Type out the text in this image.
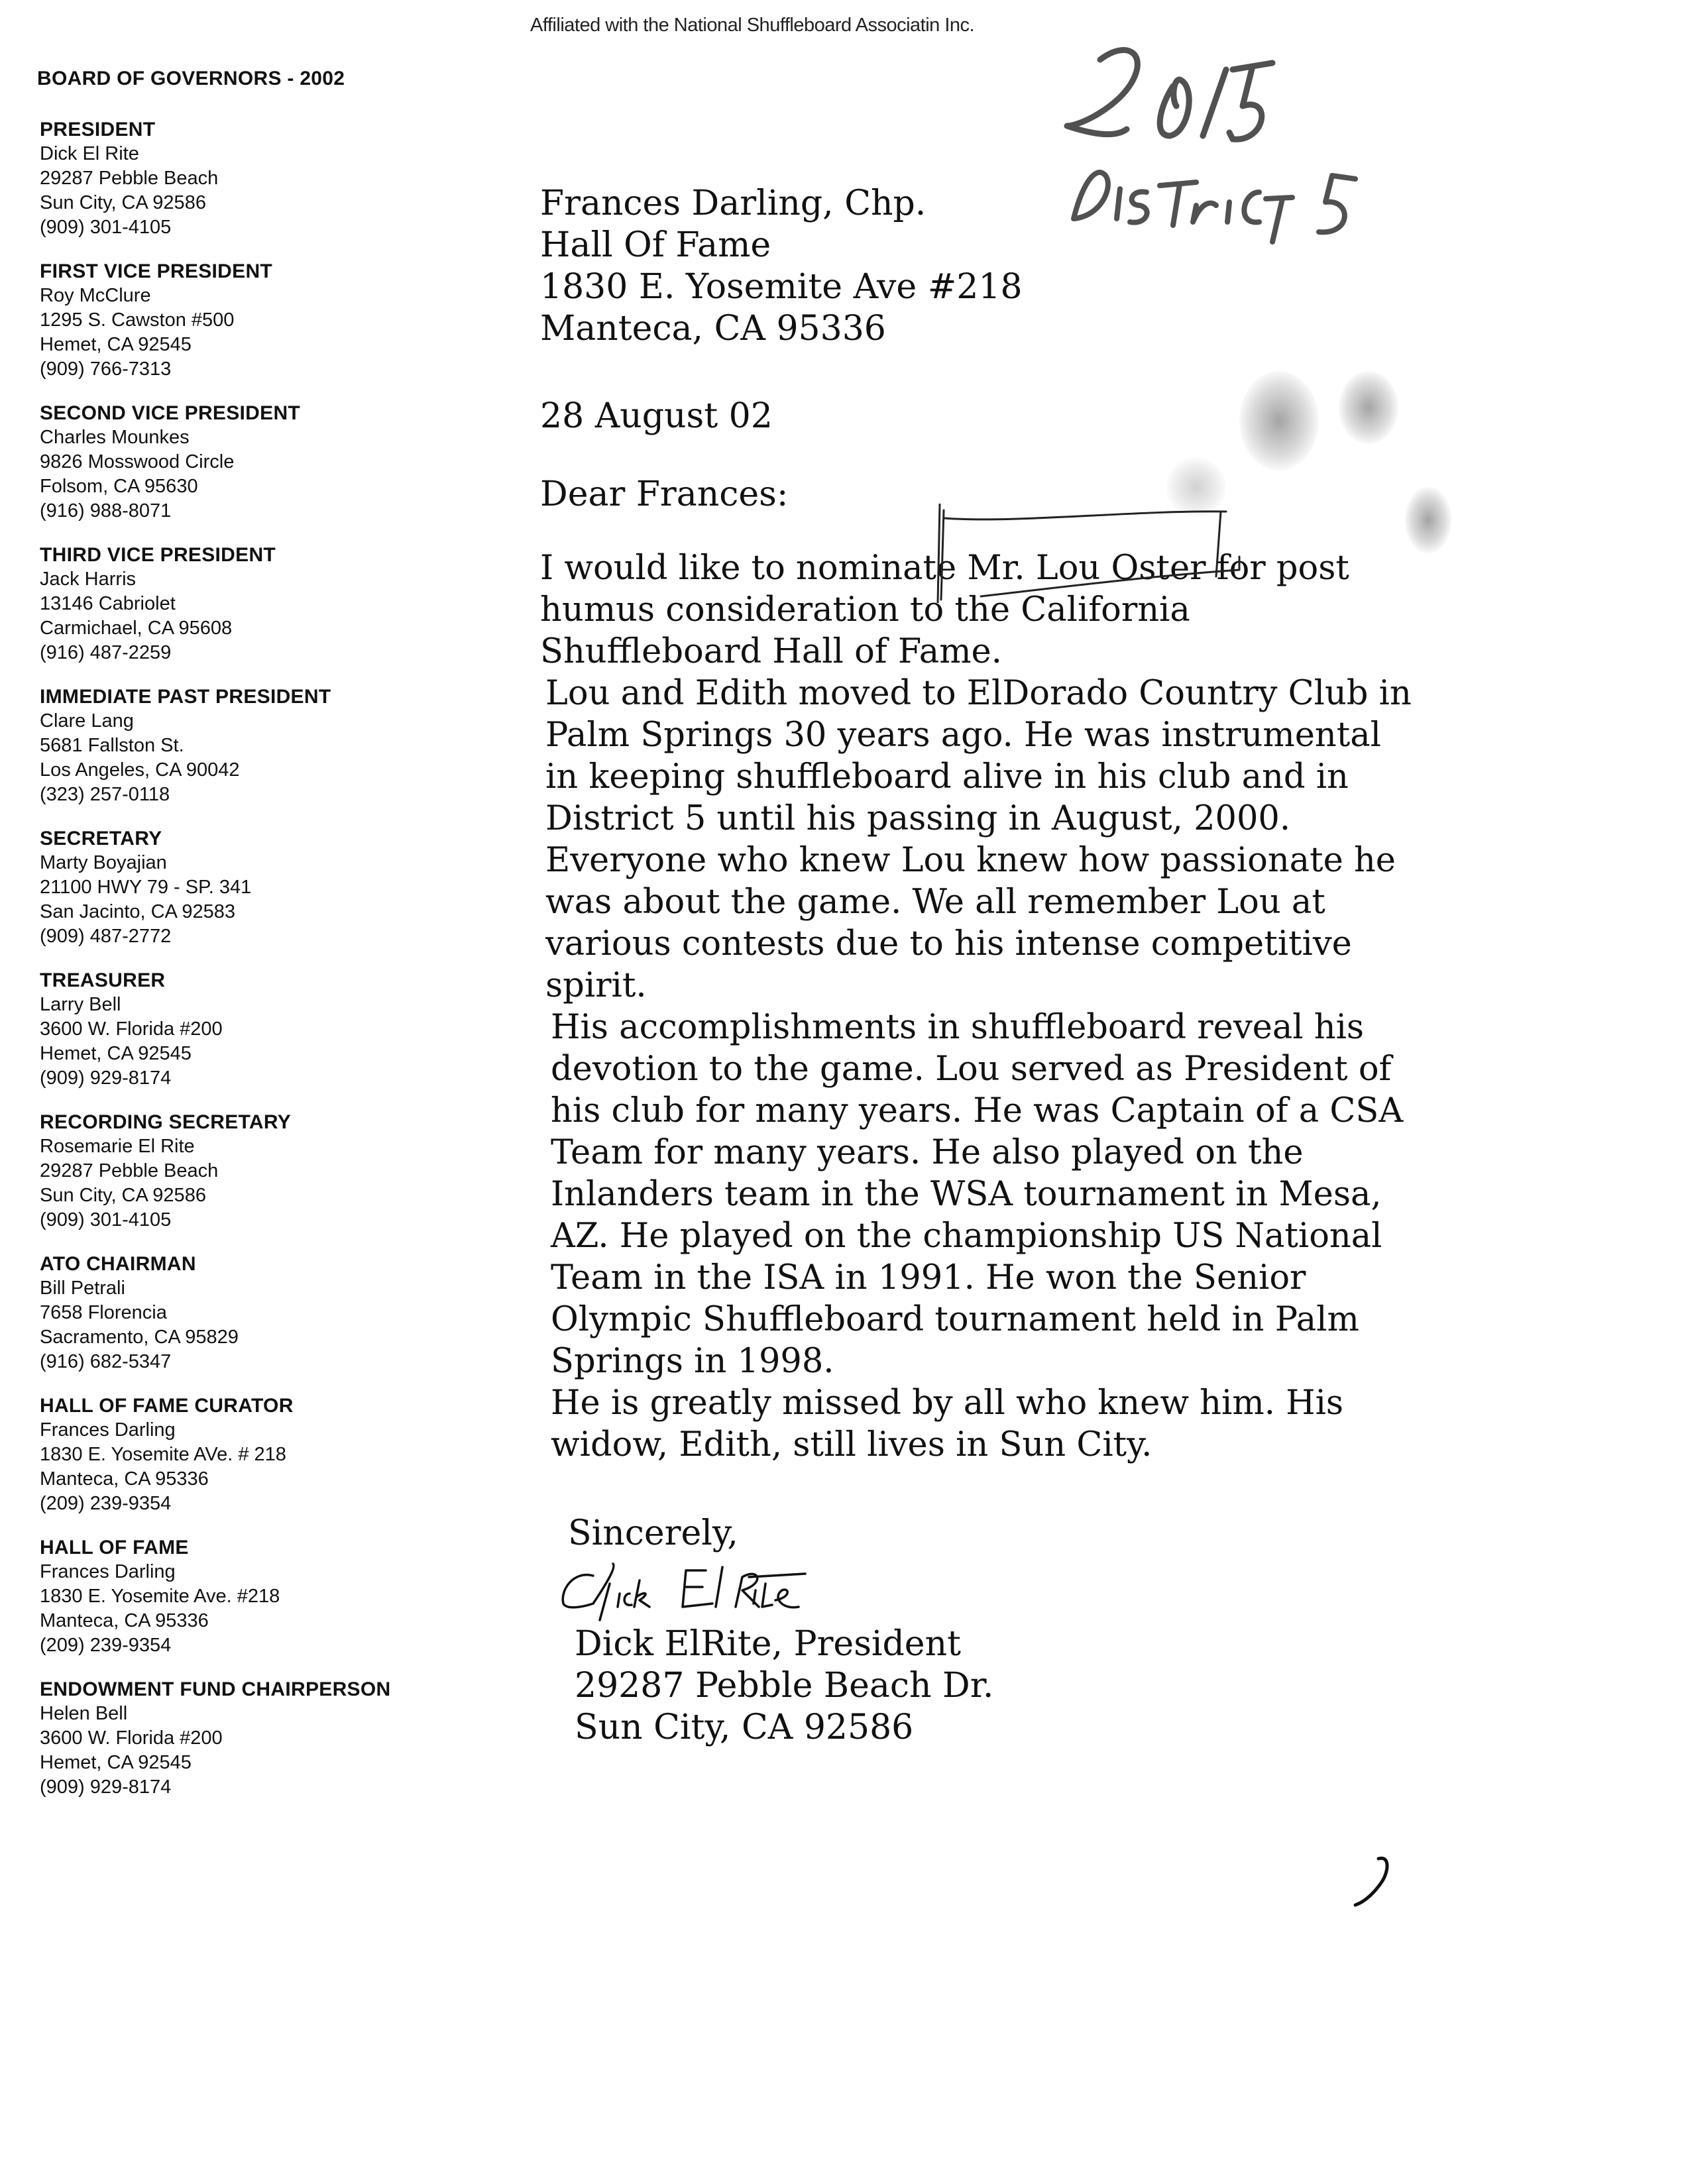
Affiliated with the National Shuffleboard Associatin Inc.	2015
DISTRICT 5
BOARD OF GOVERNORS - 2002
PRESIDENT
Dick El Rite
29287 Pebble Beach
Sun City, CA 92586
(909) 301-4105
FIRST VICE PRESIDENT
Roy McClure
1295 S. Cawston #500
Hemet, CA 92545
(909) 766-7313
SECOND VICE PRESIDENT
Charles Mounkes
9826 Mosswood Circle
Folsom, CA 95630
(916) 988-8071
THIRD VICE PRESIDENT
Jack Harris
13146 Cabriolet
Carmichael, CA 95608
(916) 487-2259
IMMEDIATE PAST PRESIDENT
Clare Lang
5681 Fallston St.
Los Angeles, CA 90042
(323) 257-0118
SECRETARY
Marty Boyajian
21100 HWY 79 - SP. 341
San Jacinto, CA 92583
(909) 487-2772
TREASURER
Larry Bell
3600 W. Florida #200
Hemet, CA 92545
(909) 929-8174
RECORDING SECRETARY
Rosemarie El Rite
29287 Pebble Beach
Sun City, CA 92586
(909) 301-4105
ATO CHAIRMAN
Bill Petrali
7658 Florencia
Sacramento, CA 95829
(916) 682-5347
HALL OF FAME CURATOR
Frances Darling
1830 E. Yosemite AVe. # 218
Manteca, CA 95336
(209) 239-9354
HALL OF FAME
Frances Darling
1830 E. Yosemite Ave. #218
Manteca, CA 95336
(209) 239-9354
ENDOWMENT FUND CHAIRPERSON
Helen Bell
3600 W. Florida #200
Hemet, CA 92545
(909) 929-8174
Frances Darling, Chp.
Hall Of Fame
1830 E. Yosemite Ave #218
Manteca, CA 95336
28 August 02
Dear Frances:

I would like to nominate Mr. Lou Oster for post

humus consideration to the California

Shuffleboard Hall of Fame.

Lou and Edith moved to ElDorado Country Club in

Palm Springs 30 years ago. He was instrumental

in keeping shuffleboard alive in his club and in

District 5 until his passing in August, 2000.

Everyone who knew Lou knew how passionate he

was about the game. We all remember Lou at

various contests due to his intense competitive

spirit.

His accomplishments in shuffleboard reveal his

devotion to the game. Lou served as President of

his club for many years. He was Captain of a CSA

Team for many years. He also played on the

Inlanders team in the WSA tournament in Mesa,

AZ. He played on the championship US National

Team in the ISA in 1991. He won the Senior

Olympic Shuffleboard tournament held in Palm

Springs in 1998.

He is greatly missed by all who knew him. His

widow, Edith, still lives in Sun City.

Sincerely,
Dick ElRite
Dick ElRite, President
29287 Pebble Beach Dr.
Sun City, CA 92586
2
